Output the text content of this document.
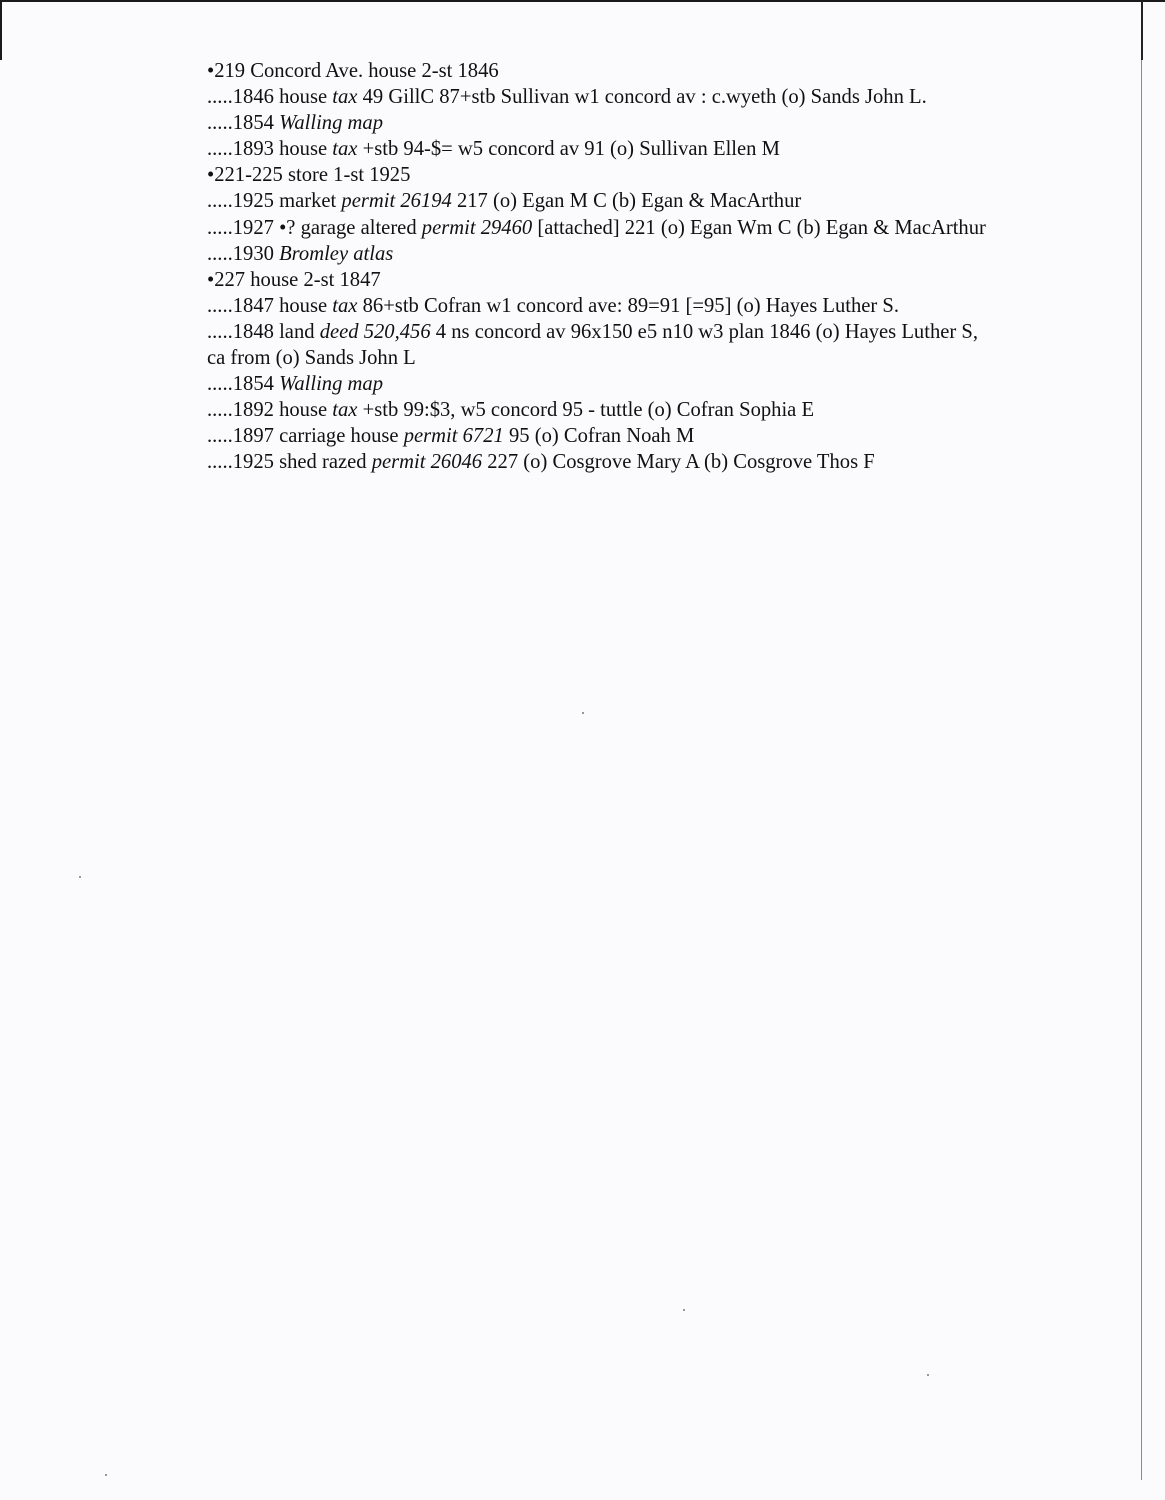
•219 Concord Ave. house 2-st 1846
.....1846 house tax 49 GillC 87+stb Sullivan w1 concord av : c.wyeth (o) Sands John L.
.....1854 Walling map
.....1893 house tax +stb 94-$= w5 concord av 91 (o) Sullivan Ellen M
•221-225 store 1-st 1925
.....1925 market permit 26194 217 (o) Egan M C (b) Egan & MacArthur
.....1927 •? garage altered permit 29460 [attached] 221 (o) Egan Wm C (b) Egan & MacArthur
.....1930 Bromley atlas
•227 house 2-st 1847
.....1847 house tax 86+stb Cofran w1 concord ave: 89=91 [=95] (o) Hayes Luther S.
.....1848 land deed 520,456 4 ns concord av 96x150 e5 n10 w3 plan 1846 (o) Hayes Luther S, ca from (o) Sands John L
.....1854 Walling map
.....1892 house tax +stb 99:$3, w5 concord 95 - tuttle (o) Cofran Sophia E
.....1897 carriage house permit 6721 95 (o) Cofran Noah M
.....1925 shed razed permit 26046 227 (o) Cosgrove Mary A (b) Cosgrove Thos F
